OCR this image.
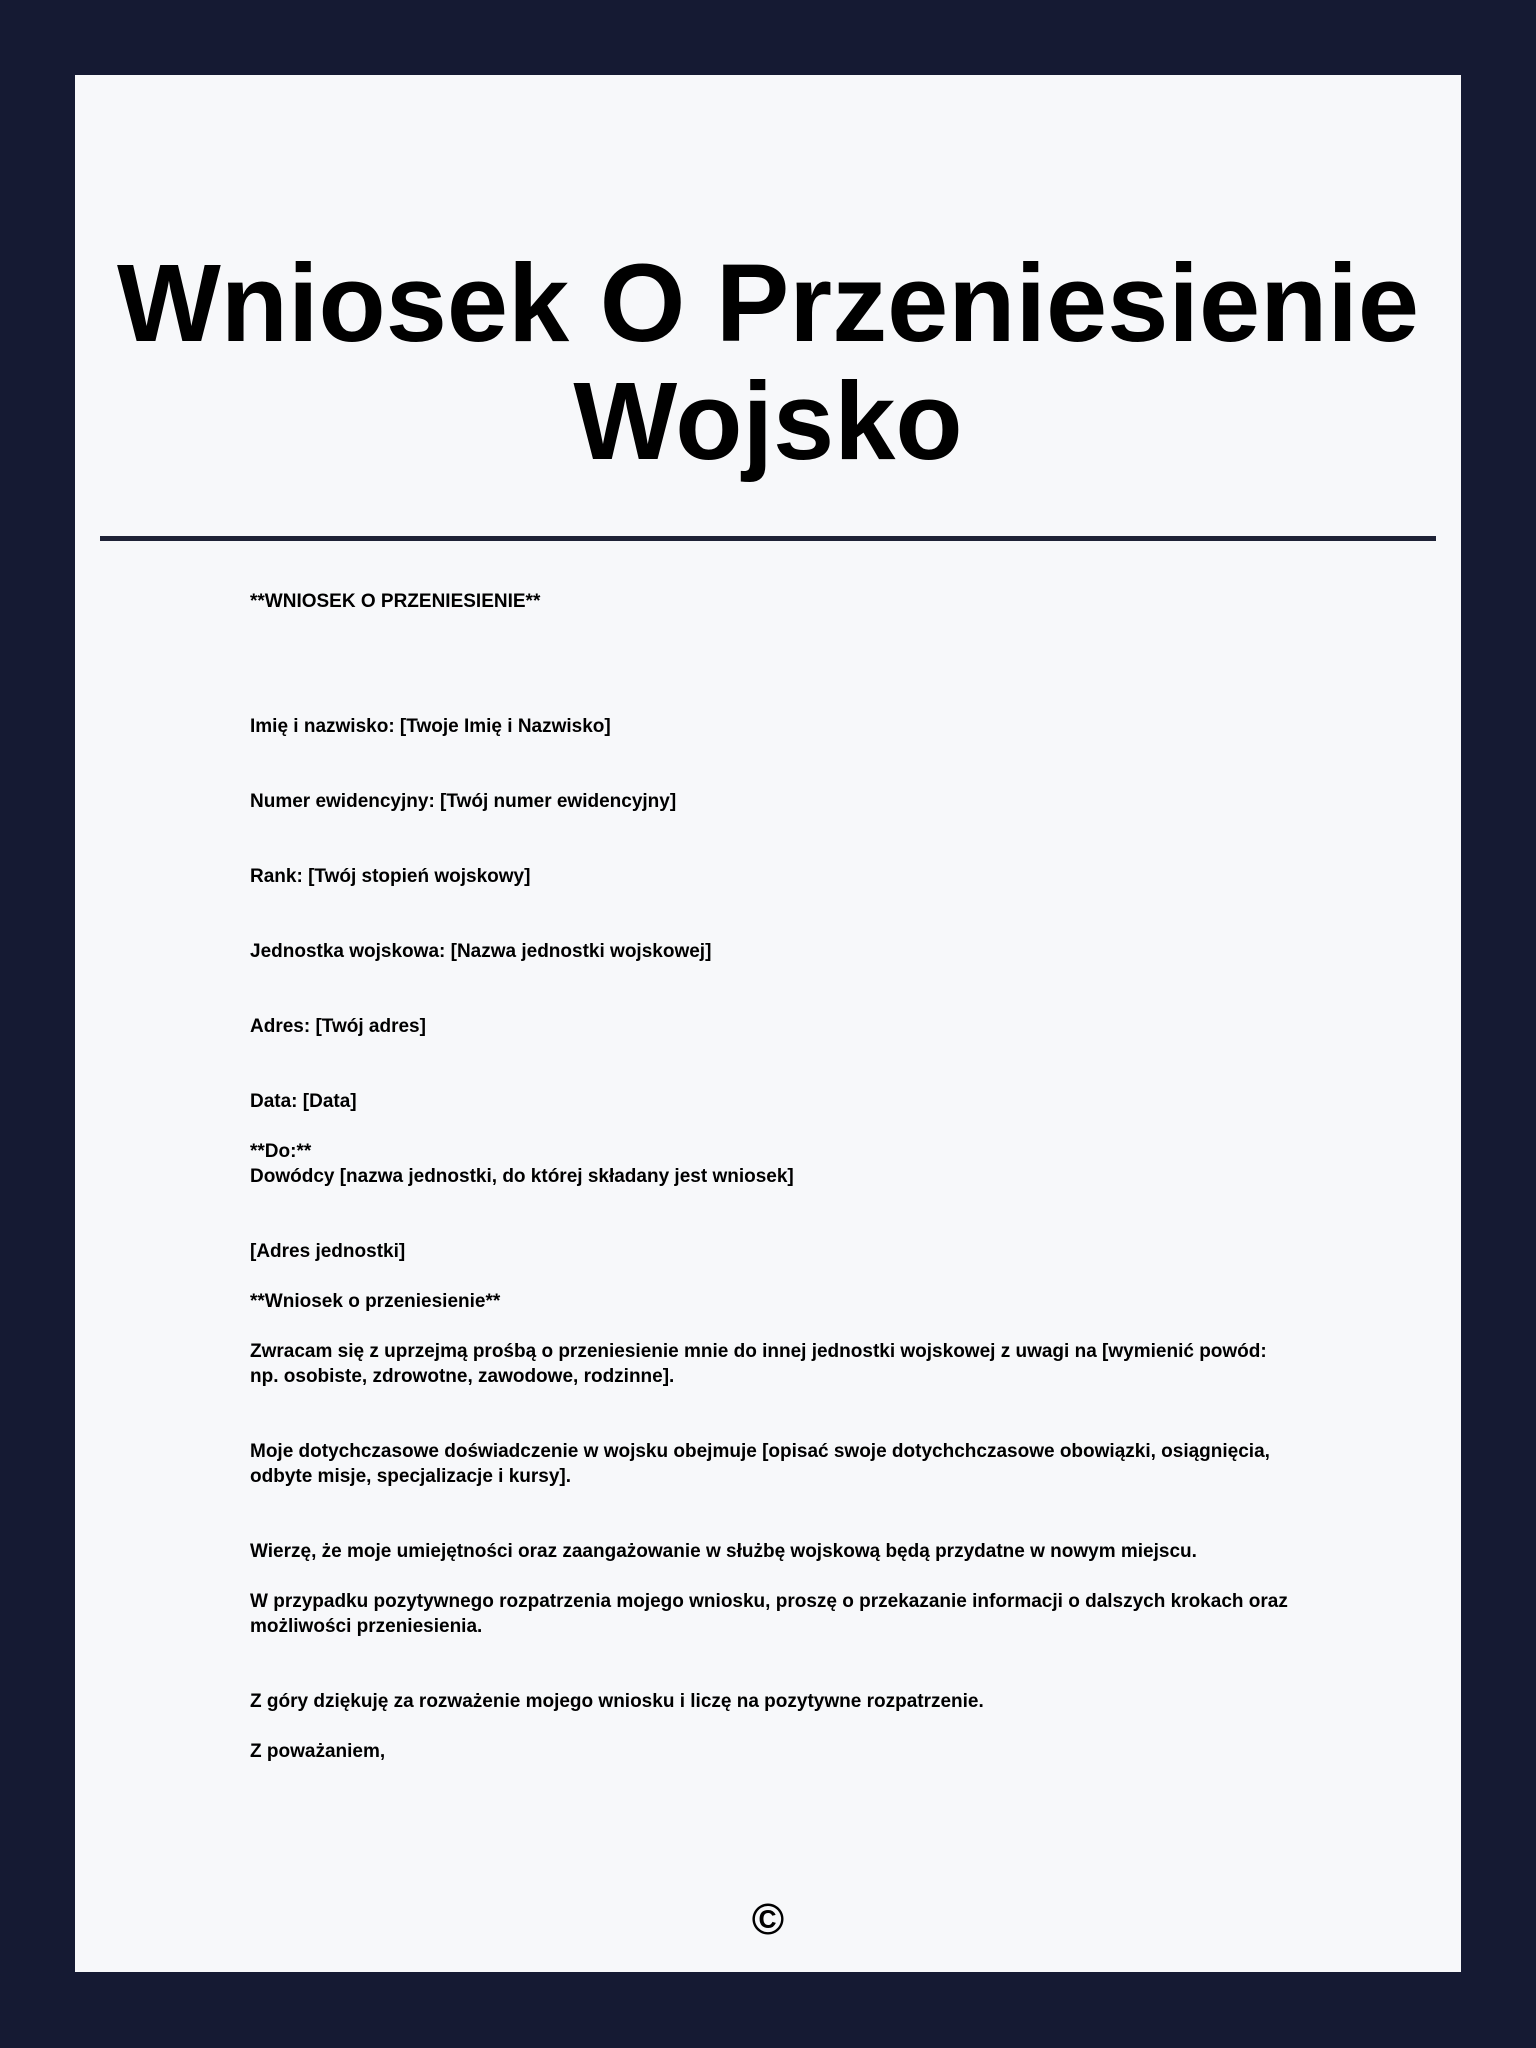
Wniosek O Przeniesienie Wojsko

**WNIOSEK O PRZENIESIENIE**

Imię i nazwisko: [Twoje Imię i Nazwisko]

Numer ewidencyjny: [Twój numer ewidencyjny]

Rank: [Twój stopień wojskowy]

Jednostka wojskowa: [Nazwa jednostki wojskowej]

Adres: [Twój adres]

Data: [Data]

**Do:**

Dowódcy [nazwa jednostki, do której składany jest wniosek]

[Adres jednostki]

**Wniosek o przeniesienie**

Zwracam się z uprzejmą prośbą o przeniesienie mnie do innej jednostki wojskowej z uwagi na [wymienić powód: np. osobiste, zdrowotne, zawodowe, rodzinne].

Moje dotychczasowe doświadczenie w wojsku obejmuje [opisać swoje dotychchczasowe obowiązki, osiągnięcia, odbyte misje, specjalizacje i kursy].

Wierzę, że moje umiejętności oraz zaangażowanie w służbę wojskową będą przydatne w nowym miejscu.

W przypadku pozytywnego rozpatrzenia mojego wniosku, proszę o przekazanie informacji o dalszych krokach oraz możliwości przeniesienia.

Z góry dziękuję za rozważenie mojego wniosku i liczę na pozytywne rozpatrzenie.

Z poważaniem,

©
